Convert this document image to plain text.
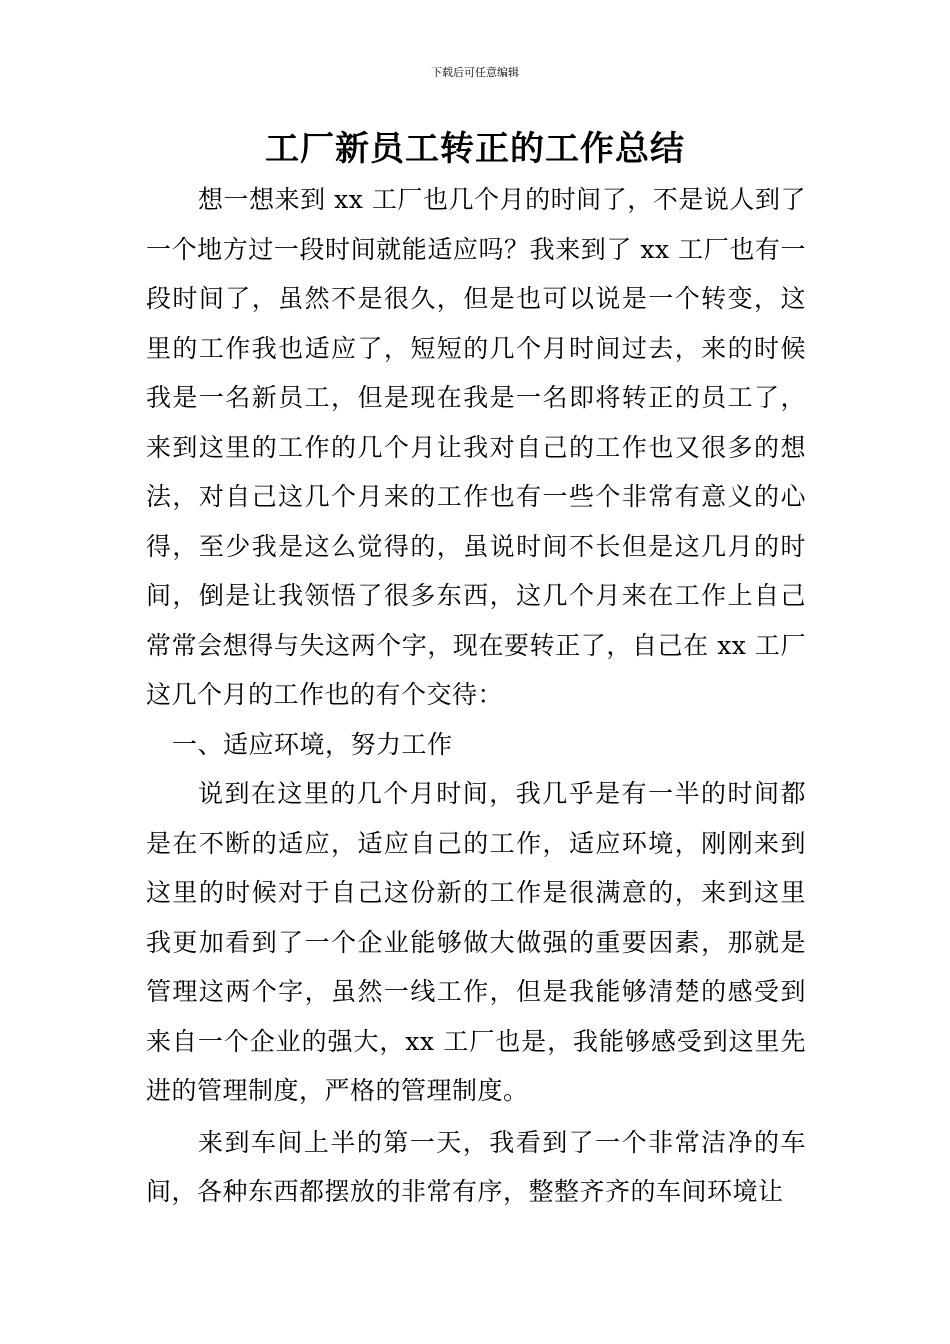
下载后可任意编辑
工厂新员工转正的工作总结

想一想来到 xx 工厂也几个月的时间了，不是说人到了一个地方过一段时间就能适应吗？我来到了 xx 工厂也有一段时间了，虽然不是很久，但是也可以说是一个转变，这里的工作我也适应了，短短的几个月时间过去，来的时候我是一名新员工，但是现在我是一名即将转正的员工了，来到这里的工作的几个月让我对自己的工作也又很多的想法，对自己这几个月来的工作也有一些个非常有意义的心得，至少我是这么觉得的，虽说时间不长但是这几月的时间，倒是让我领悟了很多东西，这几个月来在工作上自己常常会想得与失这两个字，现在要转正了，自己在 xx 工厂这几个月的工作也的有个交待：

一、适应环境，努力工作

说到在这里的几个月时间，我几乎是有一半的时间都是在不断的适应，适应自己的工作，适应环境，刚刚来到这里的时候对于自己这份新的工作是很满意的，来到这里我更加看到了一个企业能够做大做强的重要因素，那就是管理这两个字，虽然一线工作，但是我能够清楚的感受到来自一个企业的强大，xx 工厂也是，我能够感受到这里先进的管理制度，严格的管理制度。

来到车间上半的第一天，我看到了一个非常洁净的车间，各种东西都摆放的非常有序，整整齐齐的车间环境让
